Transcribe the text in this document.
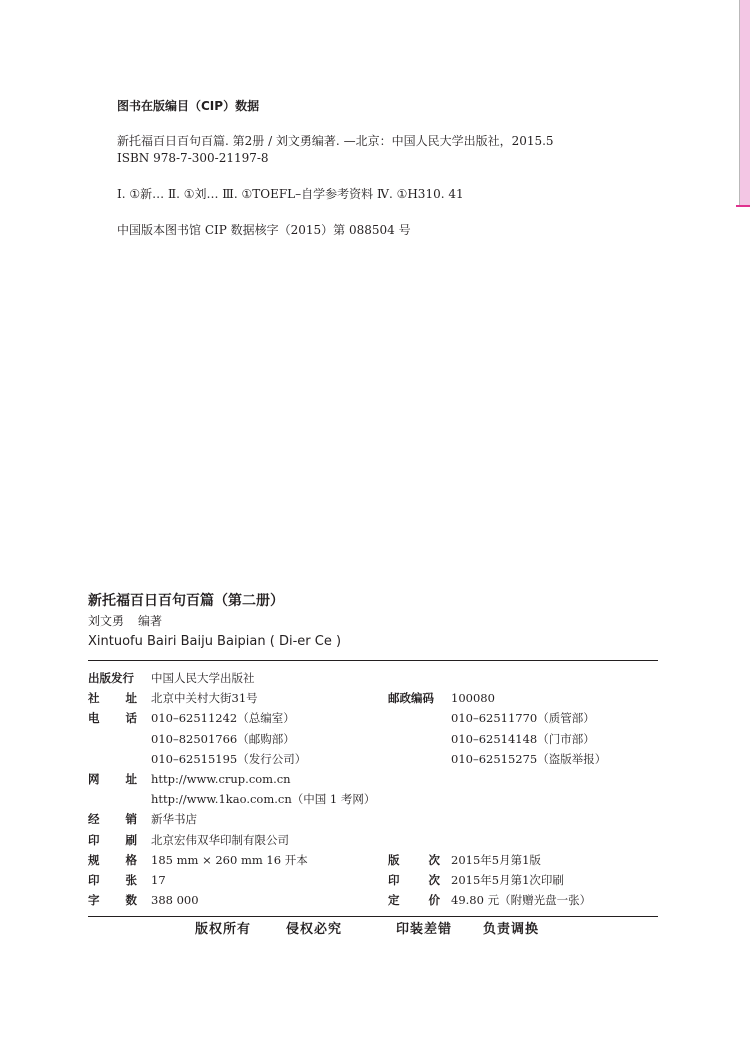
图书在版编目（CIP）数据
新托福百日百句百篇. 第2册 / 刘文勇编著. —北京：中国人民大学出版社，2015.5
ISBN 978-7-300-21197-8
Ⅰ. ①新… Ⅱ. ①刘… Ⅲ. ①TOEFL–自学参考资料 Ⅳ. ①H310. 41
中国版本图书馆 CIP 数据核字（2015）第 088504 号
新托福百日百句百篇（第二册）
刘文勇 编著
Xintuofu Bairi Baiju Baipian ( Di-er Ce )
出版发行	中国人民大学出版社
社 址 北京中关村大街31号	邮政编码	100080
电 话 010–62511242（总编室）	010–62511770（质管部）
010–82501766（邮购部）	010–62514148（门市部）
010–62515195（发行公司）	010–62515275（盗版举报）
网 址 http://www.crup.com.cn
http://www.1kao.com.cn（中国 1 考网）
经 销 新华书店
印 刷 北京宏伟双华印制有限公司
规 格 185 mm × 260 mm 16 开本	版	次 2015年5月第1版
印 张 17	印	次 2015年5月第1次印刷
字 数 388 000	定	价 49.80 元（附赠光盘一张）
版权所有	侵权必究	印装差错 负责调换
